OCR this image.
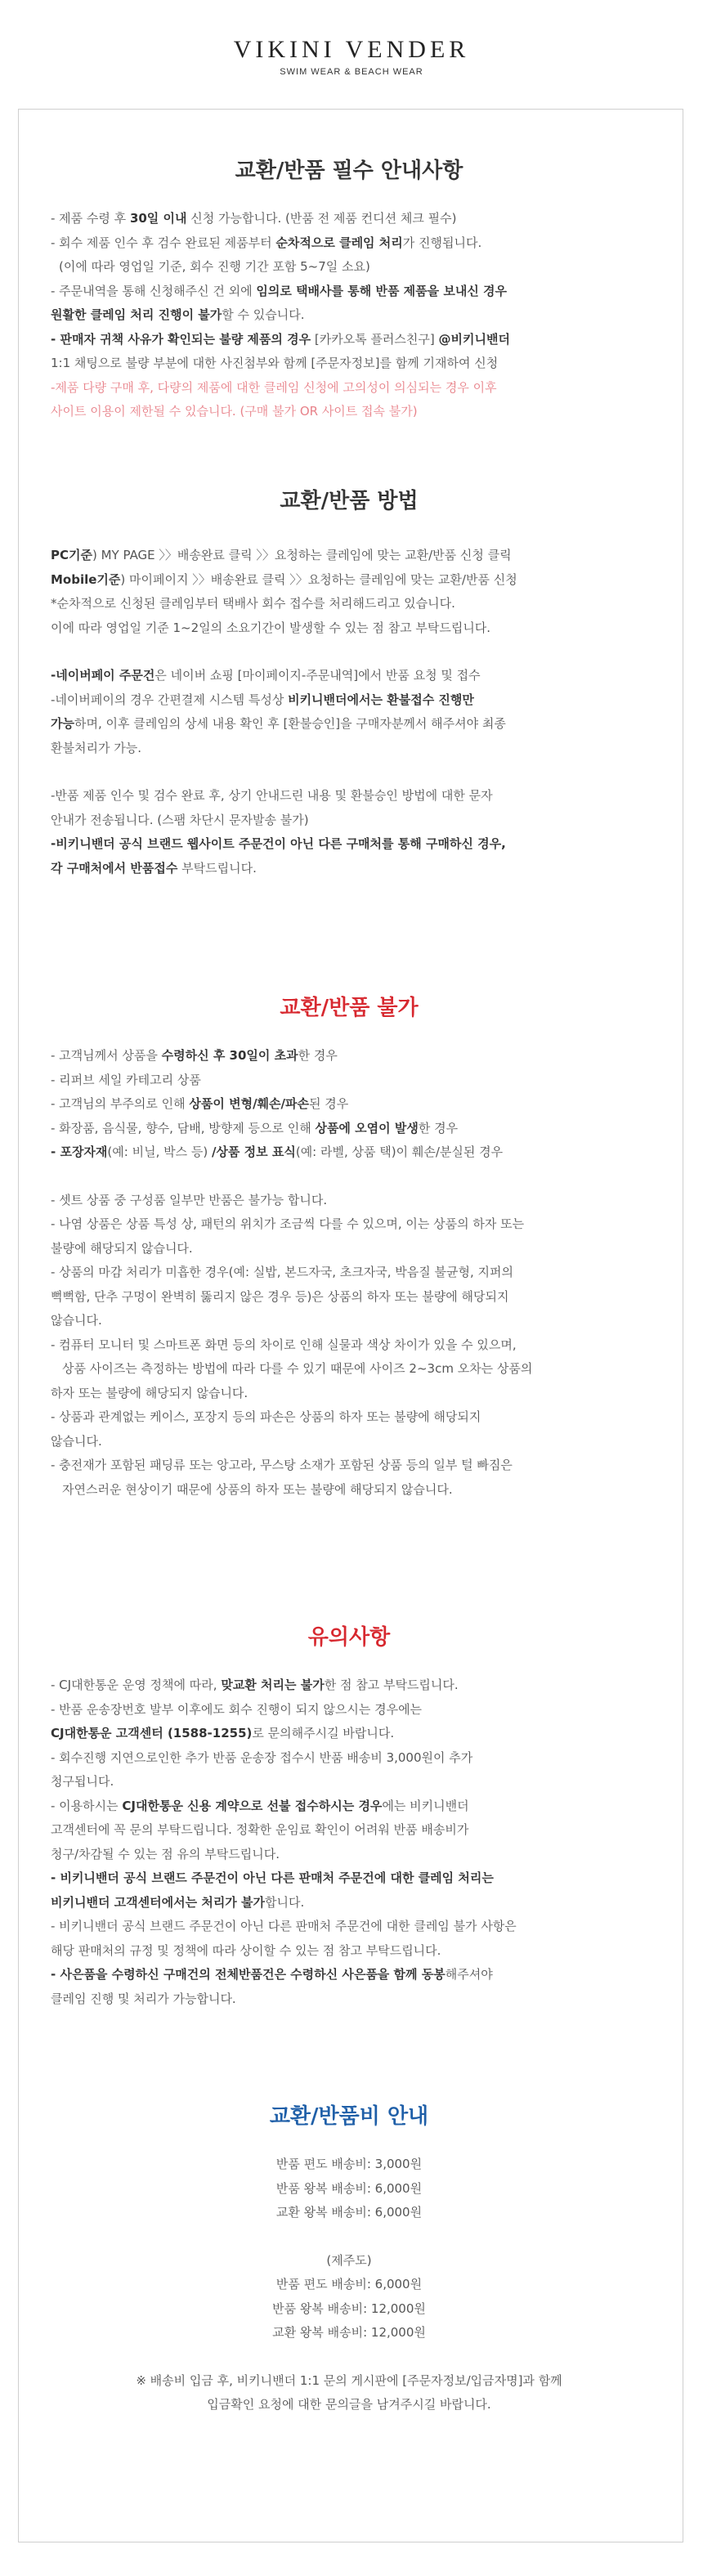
VIKINI VENDER
SWIM WEAR & BEACH WEAR
교환/반품 필수 안내사항

- 제품 수령 후 30일 이내 신청 가능합니다. (반품 전 제품 컨디션 체크 필수)

- 회수 제품 인수 후 검수 완료된 제품부터 순차적으로 클레임 처리가 진행됩니다.

(이에 따라 영업일 기준, 회수 진행 기간 포함 5~7일 소요)

- 주문내역을 통해 신청해주신 건 외에 임의로 택배사를 통해 반품 제품을 보내신 경우

원활한 클레임 처리 진행이 불가할 수 있습니다.

- 판매자 귀책 사유가 확인되는 불량 제품의 경우 [카카오톡 플러스친구] @비키니밴더

1:1 채팅으로 불량 부분에 대한 사진첨부와 함께 [주문자정보]를 함께 기재하여 신청

-제품 다량 구매 후, 다량의 제품에 대한 클레임 신청에 고의성이 의심되는 경우 이후

사이트 이용이 제한될 수 있습니다. (구매 불가 OR 사이트 접속 불가)

교환/반품 방법

PC기준) MY PAGE 〉〉배송완료 클릭 〉〉요청하는 클레임에 맞는 교환/반품 신청 클릭

Mobile기준) 마이페이지 〉〉배송완료 클릭 〉〉요청하는 클레임에 맞는 교환/반품 신청

*순차적으로 신청된 클레임부터 택배사 회수 접수를 처리해드리고 있습니다.

이에 따라 영업일 기준 1~2일의 소요기간이 발생할 수 있는 점 참고 부탁드립니다.

-네이버페이 주문건은 네이버 쇼핑 [마이페이지-주문내역]에서 반품 요청 및 접수

-네이버페이의 경우 간편결제 시스템 특성상 비키니밴더에서는 환불접수 진행만

가능하며, 이후 클레임의 상세 내용 확인 후 [환불승인]을 구매자분께서 해주셔야 최종

환불처리가 가능.

-반품 제품 인수 및 검수 완료 후, 상기 안내드린 내용 및 환불승인 방법에 대한 문자

안내가 전송됩니다. (스팸 차단시 문자발송 불가)

-비키니밴더 공식 브랜드 웹사이트 주문건이 아닌 다른 구매처를 통해 구매하신 경우,

각 구매처에서 반품접수 부탁드립니다.

교환/반품 불가

- 고객님께서 상품을 수령하신 후 30일이 초과한 경우

- 리퍼브 세일 카테고리 상품

- 고객님의 부주의로 인해 상품이 변형/훼손/파손된 경우

- 화장품, 음식물, 향수, 담배, 방향제 등으로 인해 상품에 오염이 발생한 경우

- 포장자재(예: 비닐, 박스 등) /상품 정보 표식(예: 라벨, 상품 택)이 훼손/분실된 경우

- 셋트 상품 중 구성품 일부만 반품은 불가능 합니다.

- 나염 상품은 상품 특성 상, 패턴의 위치가 조금씩 다를 수 있으며, 이는 상품의 하자 또는

불량에 해당되지 않습니다.

- 상품의 마감 처리가 미흡한 경우(예: 실밥, 본드자국, 초크자국, 박음질 불균형, 지퍼의

뻑뻑함, 단추 구멍이 완벽히 뚫리지 않은 경우 등)은 상품의 하자 또는 불량에 해당되지

않습니다.

- 컴퓨터 모니터 및 스마트폰 화면 등의 차이로 인해 실물과 색상 차이가 있을 수 있으며,

상품 사이즈는 측정하는 방법에 따라 다를 수 있기 때문에 사이즈 2~3cm 오차는 상품의

하자 또는 불량에 해당되지 않습니다.

- 상품과 관계없는 케이스, 포장지 등의 파손은 상품의 하자 또는 불량에 해당되지

않습니다.

- 충전재가 포함된 패딩류 또는 앙고라, 무스탕 소재가 포함된 상품 등의 일부 털 빠짐은

자연스러운 현상이기 때문에 상품의 하자 또는 불량에 해당되지 않습니다.

유의사항

- CJ대한통운 운영 정책에 따라, 맞교환 처리는 불가한 점 참고 부탁드립니다.

- 반품 운송장번호 발부 이후에도 회수 진행이 되지 않으시는 경우에는

CJ대한통운 고객센터 (1588-1255)로 문의해주시길 바랍니다.

- 회수진행 지연으로인한 추가 반품 운송장 접수시 반품 배송비 3,000원이 추가

청구됩니다.

- 이용하시는 CJ대한통운 신용 계약으로 선불 접수하시는 경우에는 비키니밴더

고객센터에 꼭 문의 부탁드립니다. 정확한 운임료 확인이 어려워 반품 배송비가

청구/차감될 수 있는 점 유의 부탁드립니다.

- 비키니밴더 공식 브랜드 주문건이 아닌 다른 판매처 주문건에 대한 클레임 처리는

비키니밴더 고객센터에서는 처리가 불가합니다.

- 비키니밴더 공식 브랜드 주문건이 아닌 다른 판매처 주문건에 대한 클레임 불가 사항은

해당 판매처의 규정 및 정책에 따라 상이할 수 있는 점 참고 부탁드립니다.

- 사은품을 수령하신 구매건의 전체반품건은 수령하신 사은품을 함께 동봉해주셔야

클레임 진행 및 처리가 가능합니다.

교환/반품비 안내

반품 편도 배송비: 3,000원

반품 왕복 배송비: 6,000원

교환 왕복 배송비: 6,000원

(제주도)

반품 편도 배송비: 6,000원

반품 왕복 배송비: 12,000원

교환 왕복 배송비: 12,000원

※ 배송비 입금 후, 비키니밴더 1:1 문의 게시판에 [주문자정보/입금자명]과 함께

입금확인 요청에 대한 문의글을 남겨주시길 바랍니다.
